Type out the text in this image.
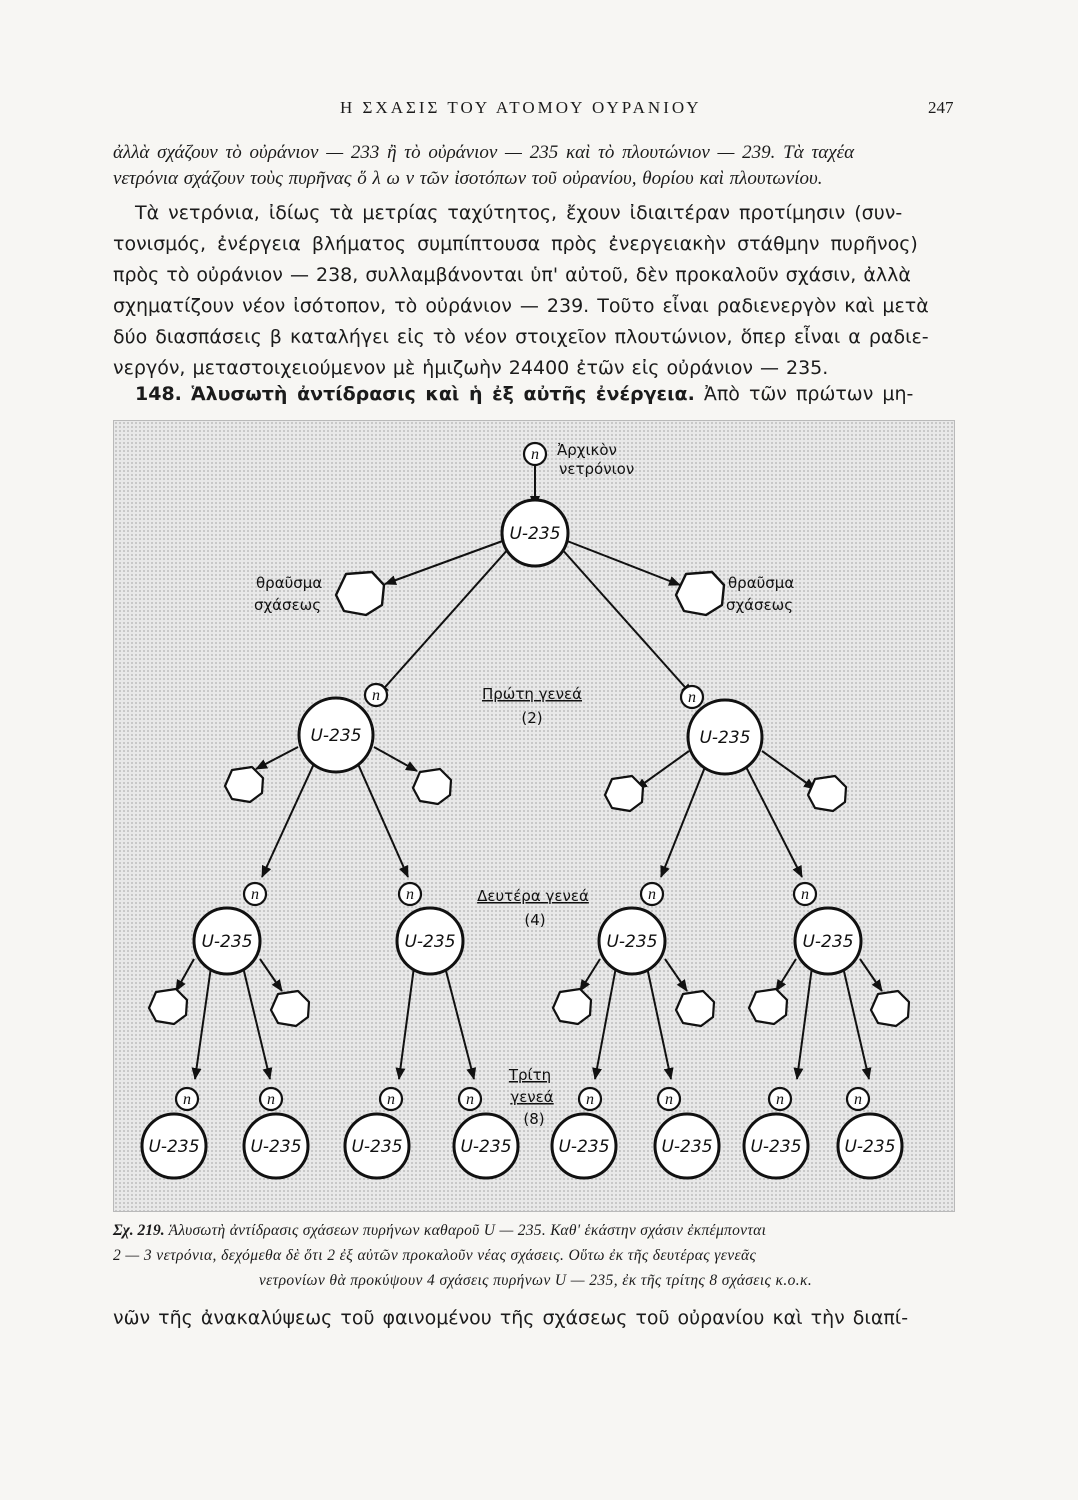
Η ΣΧΑΣΙΣ ΤΟΥ ΑΤΟΜΟΥ ΟΥΡΑΝΙΟΥ	247
ἀλλὰ σχάζουν τὸ οὐράνιον — 233 ἢ τὸ οὐράνιον — 235 καὶ τὸ πλουτώνιον — 239. Τὰ ταχέα
νετρόνια σχάζουν τοὺς πυρῆνας ὅ λ ω ν τῶν ἰσοτόπων τοῦ οὐρανίου, θορίου καὶ πλουτωνίου.
Τὰ νετρόνια, ἰδίως τὰ μετρίας ταχύτητος, ἔχουν ἰδιαιτέραν προτίμησιν (συν-
τονισμός, ἐνέργεια βλήματος συμπίπτουσα πρὸς ἐνεργειακὴν στάθμην πυρῆνος)
πρὸς τὸ οὐράνιον — 238, συλλαμβάνονται ὑπ' αὐτοῦ, δὲν προκαλοῦν σχάσιν, ἀλλὰ
σχηματίζουν νέον ἰσότοπον, τὸ οὐράνιον — 239. Τοῦτο εἶναι ραδιενεργὸν καὶ μετὰ
δύο διασπάσεις β καταλήγει εἰς τὸ νέον στοιχεῖον πλουτώνιον, ὅπερ εἶναι α ραδιε-
νεργόν, μεταστοιχειούμενον μὲ ἡμιζωὴν 24400 ἐτῶν εἰς οὐράνιον — 235.
148. Ἁλυσωτὴ ἀντίδρασις καὶ ἡ ἐξ αὐτῆς ἐνέργεια. Ἀπὸ τῶν πρώτων μη-
n
n	n
n	n	n	n
n	n	n	n	n	n	n	n
U-235
U-235	U-235
U-235	U-235	U-235	U-235
U-235	U-235	U-235	U-235	U-235	U-235 U-235	U-235
Ἀρχικὸν
νετρόνιον
θραῦσμα
σχάσεως
θραῦσμα
σχάσεως
Πρώτη γενεά
(2)
Δευτέρα γενεά
(4)
Τρίτη
γενεά
(8)
Σχ. 219. Ἁλυσωτὴ ἀντίδρασις σχάσεων πυρήνων καθαροῦ U — 235. Καθ' ἑκάστην σχάσιν ἐκπέμπονται
2 — 3 νετρόνια, δεχόμεθα δὲ ὅτι 2 ἐξ αὐτῶν προκαλοῦν νέας σχάσεις. Οὕτω ἐκ τῆς δευτέρας γενεᾶς
νετρονίων θὰ προκύψουν 4 σχάσεις πυρήνων U — 235, ἐκ τῆς τρίτης 8 σχάσεις κ.ο.κ.
νῶν τῆς ἀνακαλύψεως τοῦ φαινομένου τῆς σχάσεως τοῦ οὐρανίου καὶ τὴν διαπί-
